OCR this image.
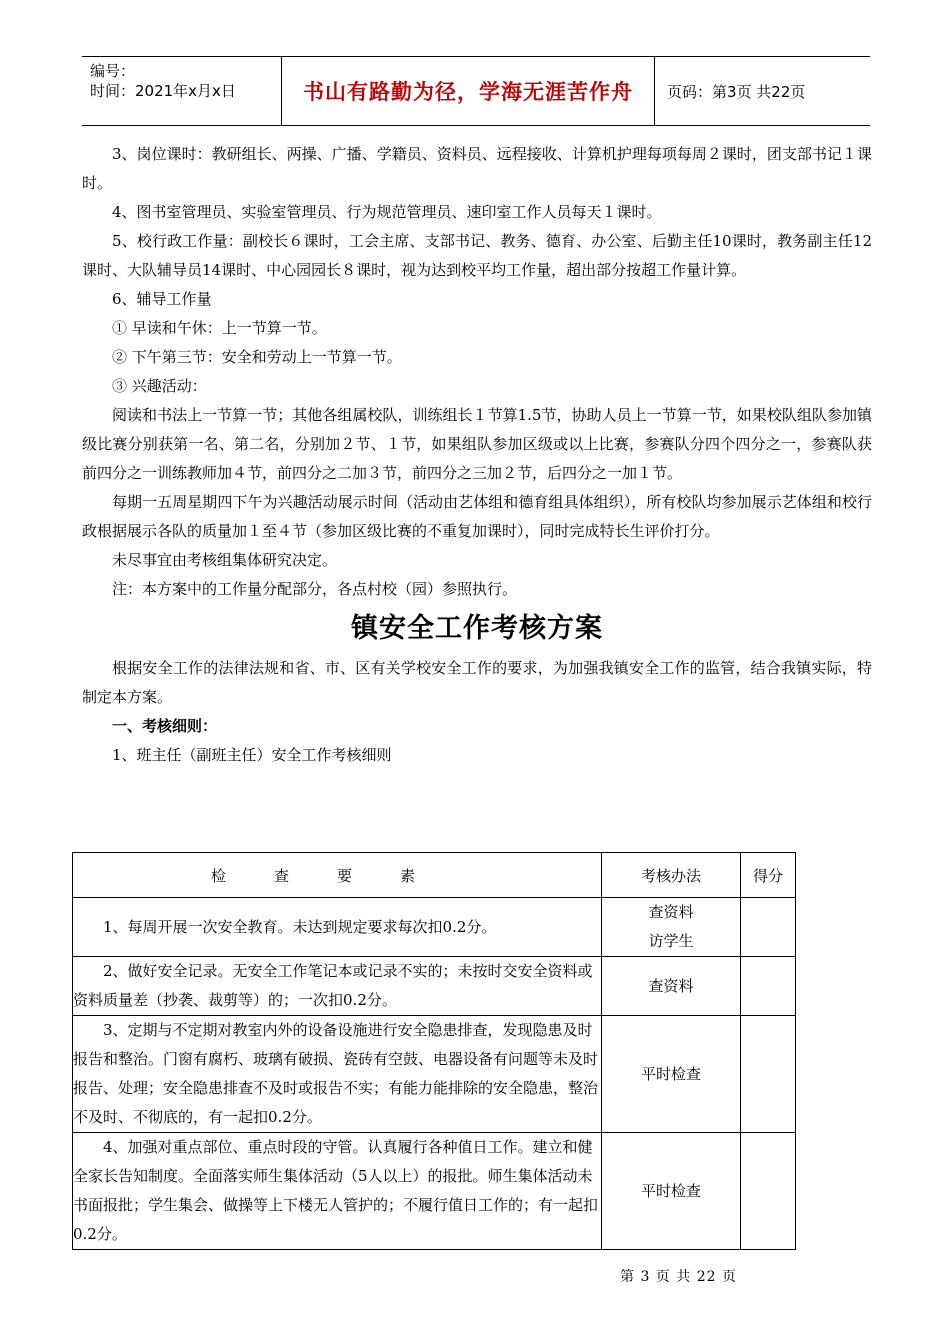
编号：
时间：2021年x月x日	书山有路勤为径，学海无涯苦作舟	页码：第3页 共22页

3、岗位课时：教研组长、两操、广播、学籍员、资料员、远程接收、计算机护理每项每周２课时，团支部书记１课时。

4、图书室管理员、实验室管理员、行为规范管理员、速印室工作人员每天１课时。

5、校行政工作量：副校长６课时，工会主席、支部书记、教务、德育、办公室、后勤主任10课时，教务副主任12课时、大队辅导员14课时、中心园园长８课时，视为达到校平均工作量，超出部分按超工作量计算。

6、辅导工作量

① 早读和午休：上一节算一节。

② 下午第三节：安全和劳动上一节算一节。

③ 兴趣活动：

阅读和书法上一节算一节；其他各组属校队，训练组长１节算1.5节，协助人员上一节算一节，如果校队组队参加镇级比赛分别获第一名、第二名，分别加２节、１节，如果组队参加区级或以上比赛，参赛队分四个四分之一，参赛队获前四分之一训练教师加４节，前四分之二加３节，前四分之三加２节，后四分之一加１节。

每期一五周星期四下午为兴趣活动展示时间（活动由艺体组和德育组具体组织），所有校队均参加展示艺体组和校行政根据展示各队的质量加１至４节（参加区级比赛的不重复加课时），同时完成特长生评价打分。

未尽事宜由考核组集体研究决定。

注：本方案中的工作量分配部分，各点村校（园）参照执行。

镇安全工作考核方案

根据安全工作的法律法规和省、市、区有关学校安全工作的要求，为加强我镇安全工作的监管，结合我镇实际，特制定本方案。

一、考核细则：

1、班主任（副班主任）安全工作考核细则

检查要素	考核办法	得分
1、每周开展一次安全教育。未达到规定要求每次扣0.2分。	查资料
访学生	
2、做好安全记录。无安全工作笔记本或记录不实的；未按时交安全资料或资料质量差（抄袭、裁剪等）的；一次扣0.2分。	查资料	
3、定期与不定期对教室内外的设备设施进行安全隐患排查，发现隐患及时报告和整治。门窗有腐朽、玻璃有破损、瓷砖有空鼓、电器设备有问题等未及时报告、处理；安全隐患排查不及时或报告不实；有能力能排除的安全隐患，整治不及时、不彻底的，有一起扣0.2分。	平时检查	
4、加强对重点部位、重点时段的守管。认真履行各种值日工作。建立和健全家长告知制度。全面落实师生集体活动（5人以上）的报批。师生集体活动未书面报批；学生集会、做操等上下楼无人管护的；不履行值日工作的；有一起扣0.2分。	平时检查	
第 3 页 共 22 页
